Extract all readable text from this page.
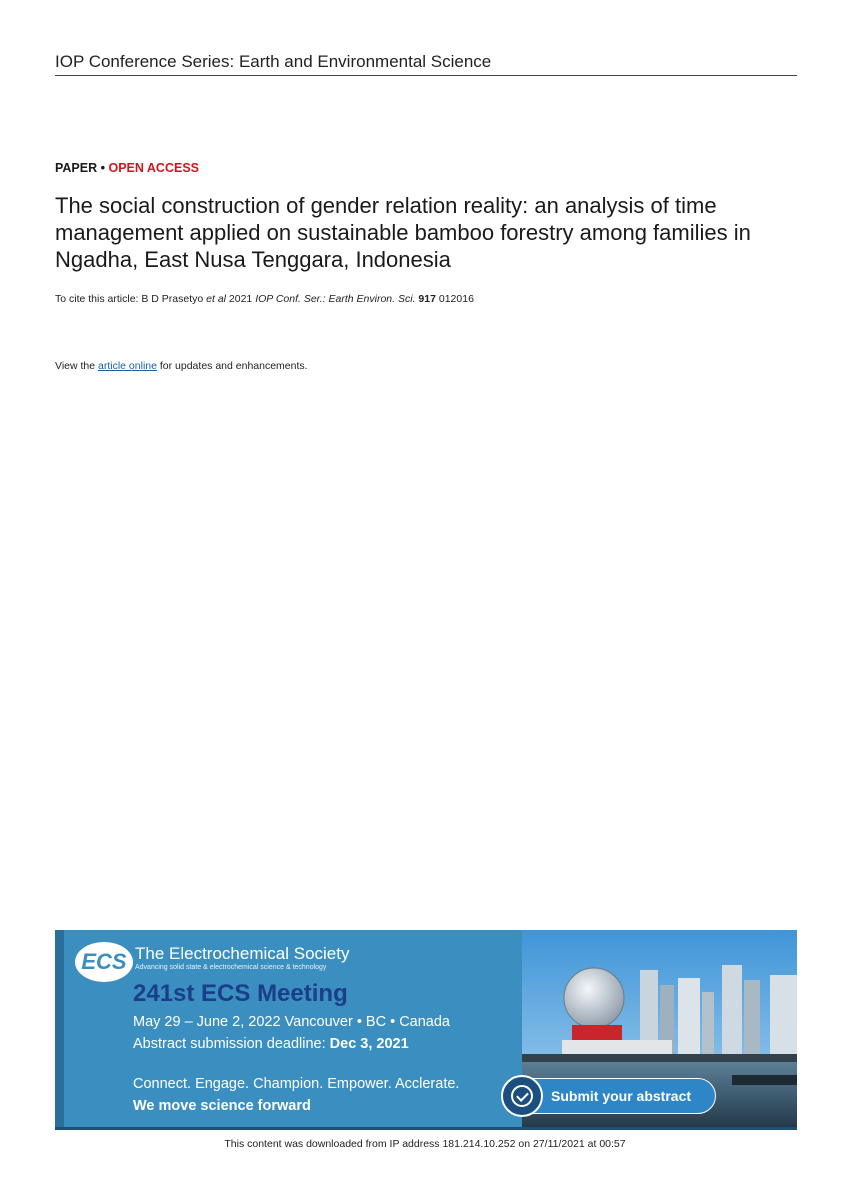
IOP Conference Series: Earth and Environmental Science
PAPER • OPEN ACCESS
The social construction of gender relation reality: an analysis of time management applied on sustainable bamboo forestry among families in Ngadha, East Nusa Tenggara, Indonesia
To cite this article: B D Prasetyo et al 2021 IOP Conf. Ser.: Earth Environ. Sci. 917 012016
View the article online for updates and enhancements.
ECS The Electrochemical Society
Advancing solid state & electrochemical science & technology
241st ECS Meeting
May 29 – June 2, 2022 Vancouver • BC • Canada
Abstract submission deadline: Dec 3, 2021
Connect. Engage. Champion. Empower. Acclerate.
We move science forward
Submit your abstract
This content was downloaded from IP address 181.214.10.252 on 27/11/2021 at 00:57
